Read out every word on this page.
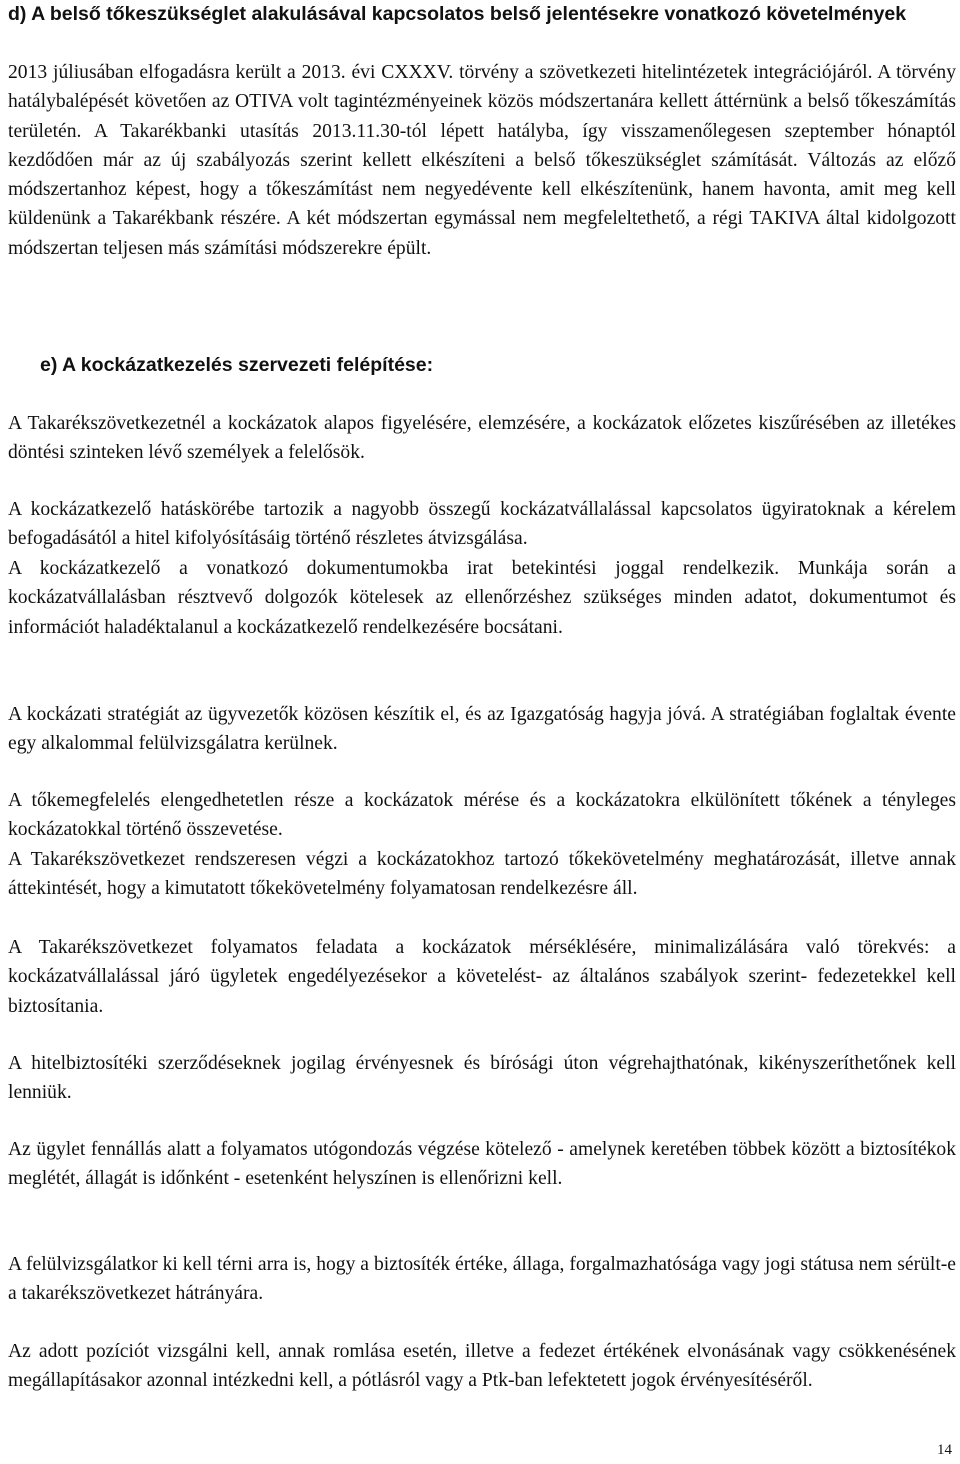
d) A belső tőkeszükséglet alakulásával kapcsolatos belső jelentésekre vonatkozó követelmények

2013 júliusában elfogadásra került a 2013. évi CXXXV. törvény a szövetkezeti hitelintézetek integrációjáról. A törvény hatálybalépését követően az OTIVA volt tagintézményeinek közös módszertanára kellett áttérnünk a belső tőkeszámítás területén. A Takarékbanki utasítás 2013.11.30-tól lépett hatályba, így visszamenőlegesen szeptember hónaptól kezdődően már az új szabályozás szerint kellett elkészíteni a belső tőkeszükséglet számítását. Változás az előző módszertanhoz képest, hogy a tőkeszámítást nem negyedévente kell elkészítenünk, hanem havonta, amit meg kell küldenünk a Takarékbank részére. A két módszertan egymással nem megfeleltethető, a régi TAKIVA által kidolgozott módszertan teljesen más számítási módszerekre épült.

e) A kockázatkezelés szervezeti felépítése:

A Takarékszövetkezetnél a kockázatok alapos figyelésére, elemzésére, a kockázatok előzetes kiszűrésében az illetékes döntési szinteken lévő személyek a felelősök.

A kockázatkezelő hatáskörébe tartozik a nagyobb összegű kockázatvállalással kapcsolatos ügyiratoknak a kérelem befogadásától a hitel kifolyósításáig történő részletes átvizsgálása.

A kockázatkezelő a vonatkozó dokumentumokba irat betekintési joggal rendelkezik. Munkája során a kockázatvállalásban résztvevő dolgozók kötelesek az ellenőrzéshez szükséges minden adatot, dokumentumot és információt haladéktalanul a kockázatkezelő rendelkezésére bocsátani.

A kockázati stratégiát az ügyvezetők közösen készítik el, és az Igazgatóság hagyja jóvá. A stratégiában foglaltak évente egy alkalommal felülvizsgálatra kerülnek.

A tőkemegfelelés elengedhetetlen része a kockázatok mérése és a kockázatokra elkülönített tőkének a tényleges kockázatokkal történő összevetése.

A Takarékszövetkezet rendszeresen végzi a kockázatokhoz tartozó tőkekövetelmény meghatározását, illetve annak áttekintését, hogy a kimutatott tőkekövetelmény folyamatosan rendelkezésre áll.

A Takarékszövetkezet folyamatos feladata a kockázatok mérséklésére, minimalizálására való törekvés: a kockázatvállalással járó ügyletek engedélyezésekor a követelést- az általános szabályok szerint- fedezetekkel kell biztosítania.

A hitelbiztosítéki szerződéseknek jogilag érvényesnek és bírósági úton végrehajthatónak, kikényszeríthetőnek kell lenniük.

Az ügylet fennállás alatt a folyamatos utógondozás végzése kötelező - amelynek keretében többek között a biztosítékok meglétét, állagát is időnként - esetenként helyszínen is ellenőrizni kell.

A felülvizsgálatkor ki kell térni arra is, hogy a biztosíték értéke, állaga, forgalmazhatósága vagy jogi státusa nem sérült-e a takarékszövetkezet hátrányára.

Az adott pozíciót vizsgálni kell, annak romlása esetén, illetve a fedezet értékének elvonásának vagy csökkenésének megállapításakor azonnal intézkedni kell, a pótlásról vagy a Ptk-ban lefektetett jogok érvényesítéséről.

14
